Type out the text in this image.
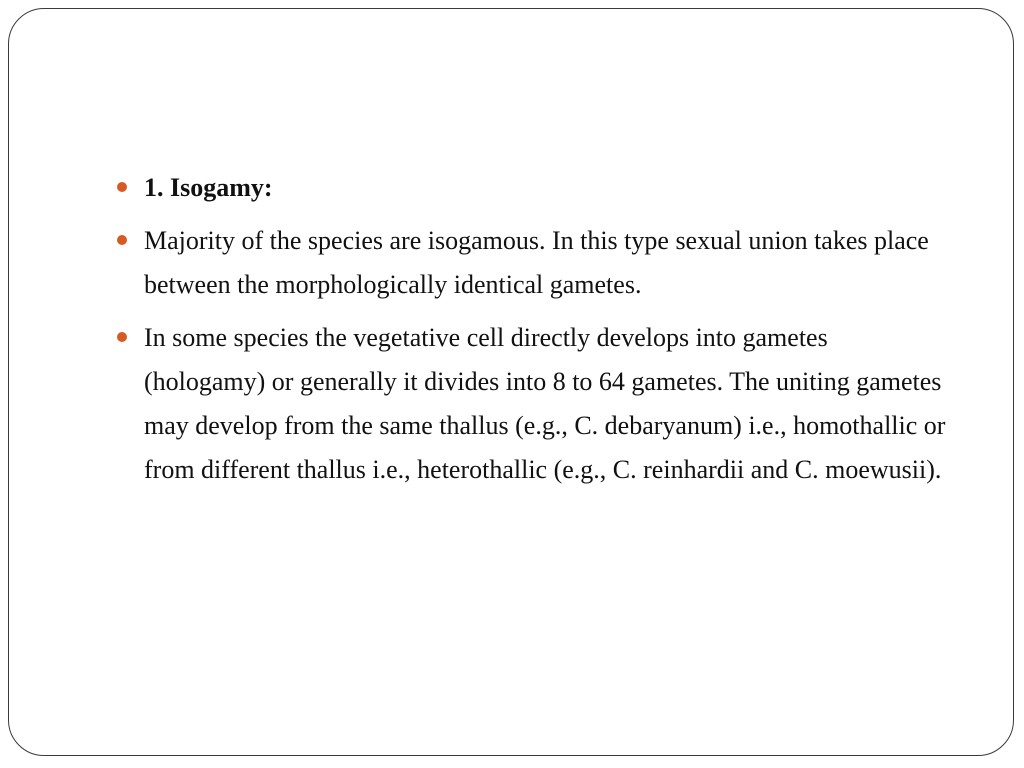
1. Isogamy:
Majority of the species are isogamous. In this type sexual union takes place between the morphologically identical gametes.
In some species the vegetative cell directly develops into gametes (hologamy) or generally it divides into 8 to 64 gametes. The uniting gametes may develop from the same thallus (e.g., C. debaryanum) i.e., homothallic or from different thallus i.e., heterothallic (e.g., C. reinhardii and C. moewusii).
